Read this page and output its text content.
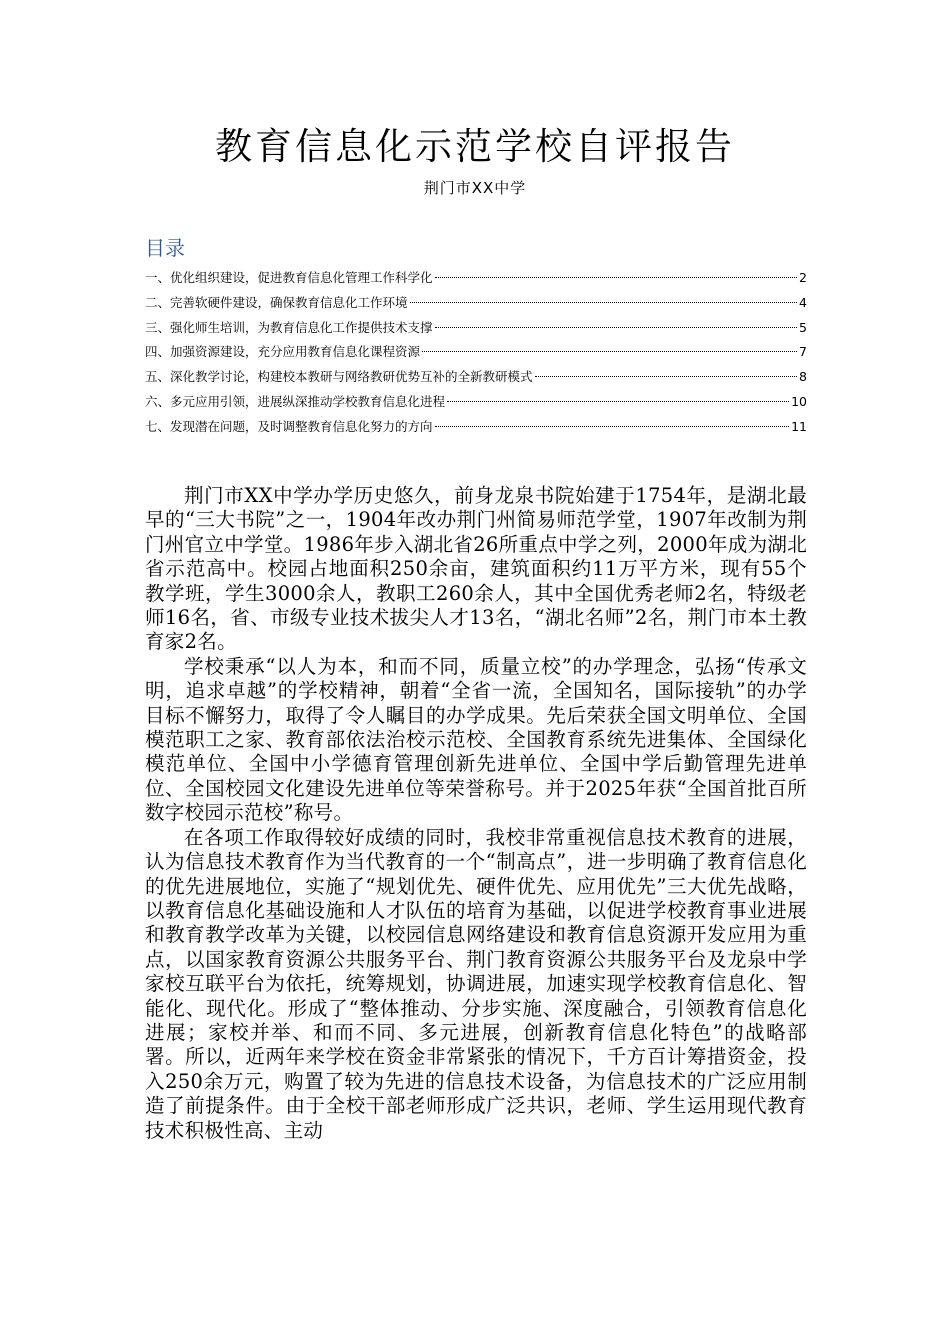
教育信息化示范学校自评报告
荆门市XX中学
目录
一、优化组织建设，促进教育信息化管理工作科学化	2
二、完善软硬件建设，确保教育信息化工作环境	4
三、强化师生培训，为教育信息化工作提供技术支撑	5
四、加强资源建设，充分应用教育信息化课程资源	7
五、深化教学讨论，构建校本教研与网络教研优势互补的全新教研模式	8
六、多元应用引领，进展纵深推动学校教育信息化进程	10
七、发现潜在问题，及时调整教育信息化努力的方向	11

荆门市XX中学办学历史悠久，前身龙泉书院始建于1754年，是湖北最早的“三大书院”之一，1904年改办荆门州简易师范学堂，1907年改制为荆门州官立中学堂。1986年步入湖北省26所重点中学之列，2000年成为湖北省示范高中。校园占地面积250余亩，建筑面积约11万平方米，现有55个教学班，学生3000余人，教职工260余人，其中全国优秀老师2名，特级老师16名，省、市级专业技术拔尖人才13名，“湖北名师”2名，荆门市本土教育家2名。

学校秉承“以人为本，和而不同，质量立校”的办学理念，弘扬“传承文明，追求卓越”的学校精神，朝着“全省一流，全国知名，国际接轨”的办学目标不懈努力，取得了令人瞩目的办学成果。先后荣获全国文明单位、全国模范职工之家、教育部依法治校示范校、全国教育系统先进集体、全国绿化模范单位、全国中小学德育管理创新先进单位、全国中学后勤管理先进单位、全国校园文化建设先进单位等荣誉称号。并于2025年获“全国首批百所数字校园示范校”称号。

在各项工作取得较好成绩的同时，我校非常重视信息技术教育的进展，认为信息技术教育作为当代教育的一个“制高点”，进一步明确了教育信息化的优先进展地位，实施了“规划优先、硬件优先、应用优先”三大优先战略，以教育信息化基础设施和人才队伍的培育为基础，以促进学校教育事业进展和教育教学改革为关键，以校园信息网络建设和教育信息资源开发应用为重点，以国家教育资源公共服务平台、荆门教育资源公共服务平台及龙泉中学家校互联平台为依托，统筹规划，协调进展，加速实现学校教育信息化、智能化、现代化。形成了“整体推动、分步实施、深度融合，引领教育信息化进展；家校并举、和而不同、多元进展，创新教育信息化特色”的战略部署。所以，近两年来学校在资金非常紧张的情况下，千方百计筹措资金，投入250余万元，购置了较为先进的信息技术设备，为信息技术的广泛应用制造了前提条件。由于全校干部老师形成广泛共识，老师、学生运用现代教育技术积极性高、主动
